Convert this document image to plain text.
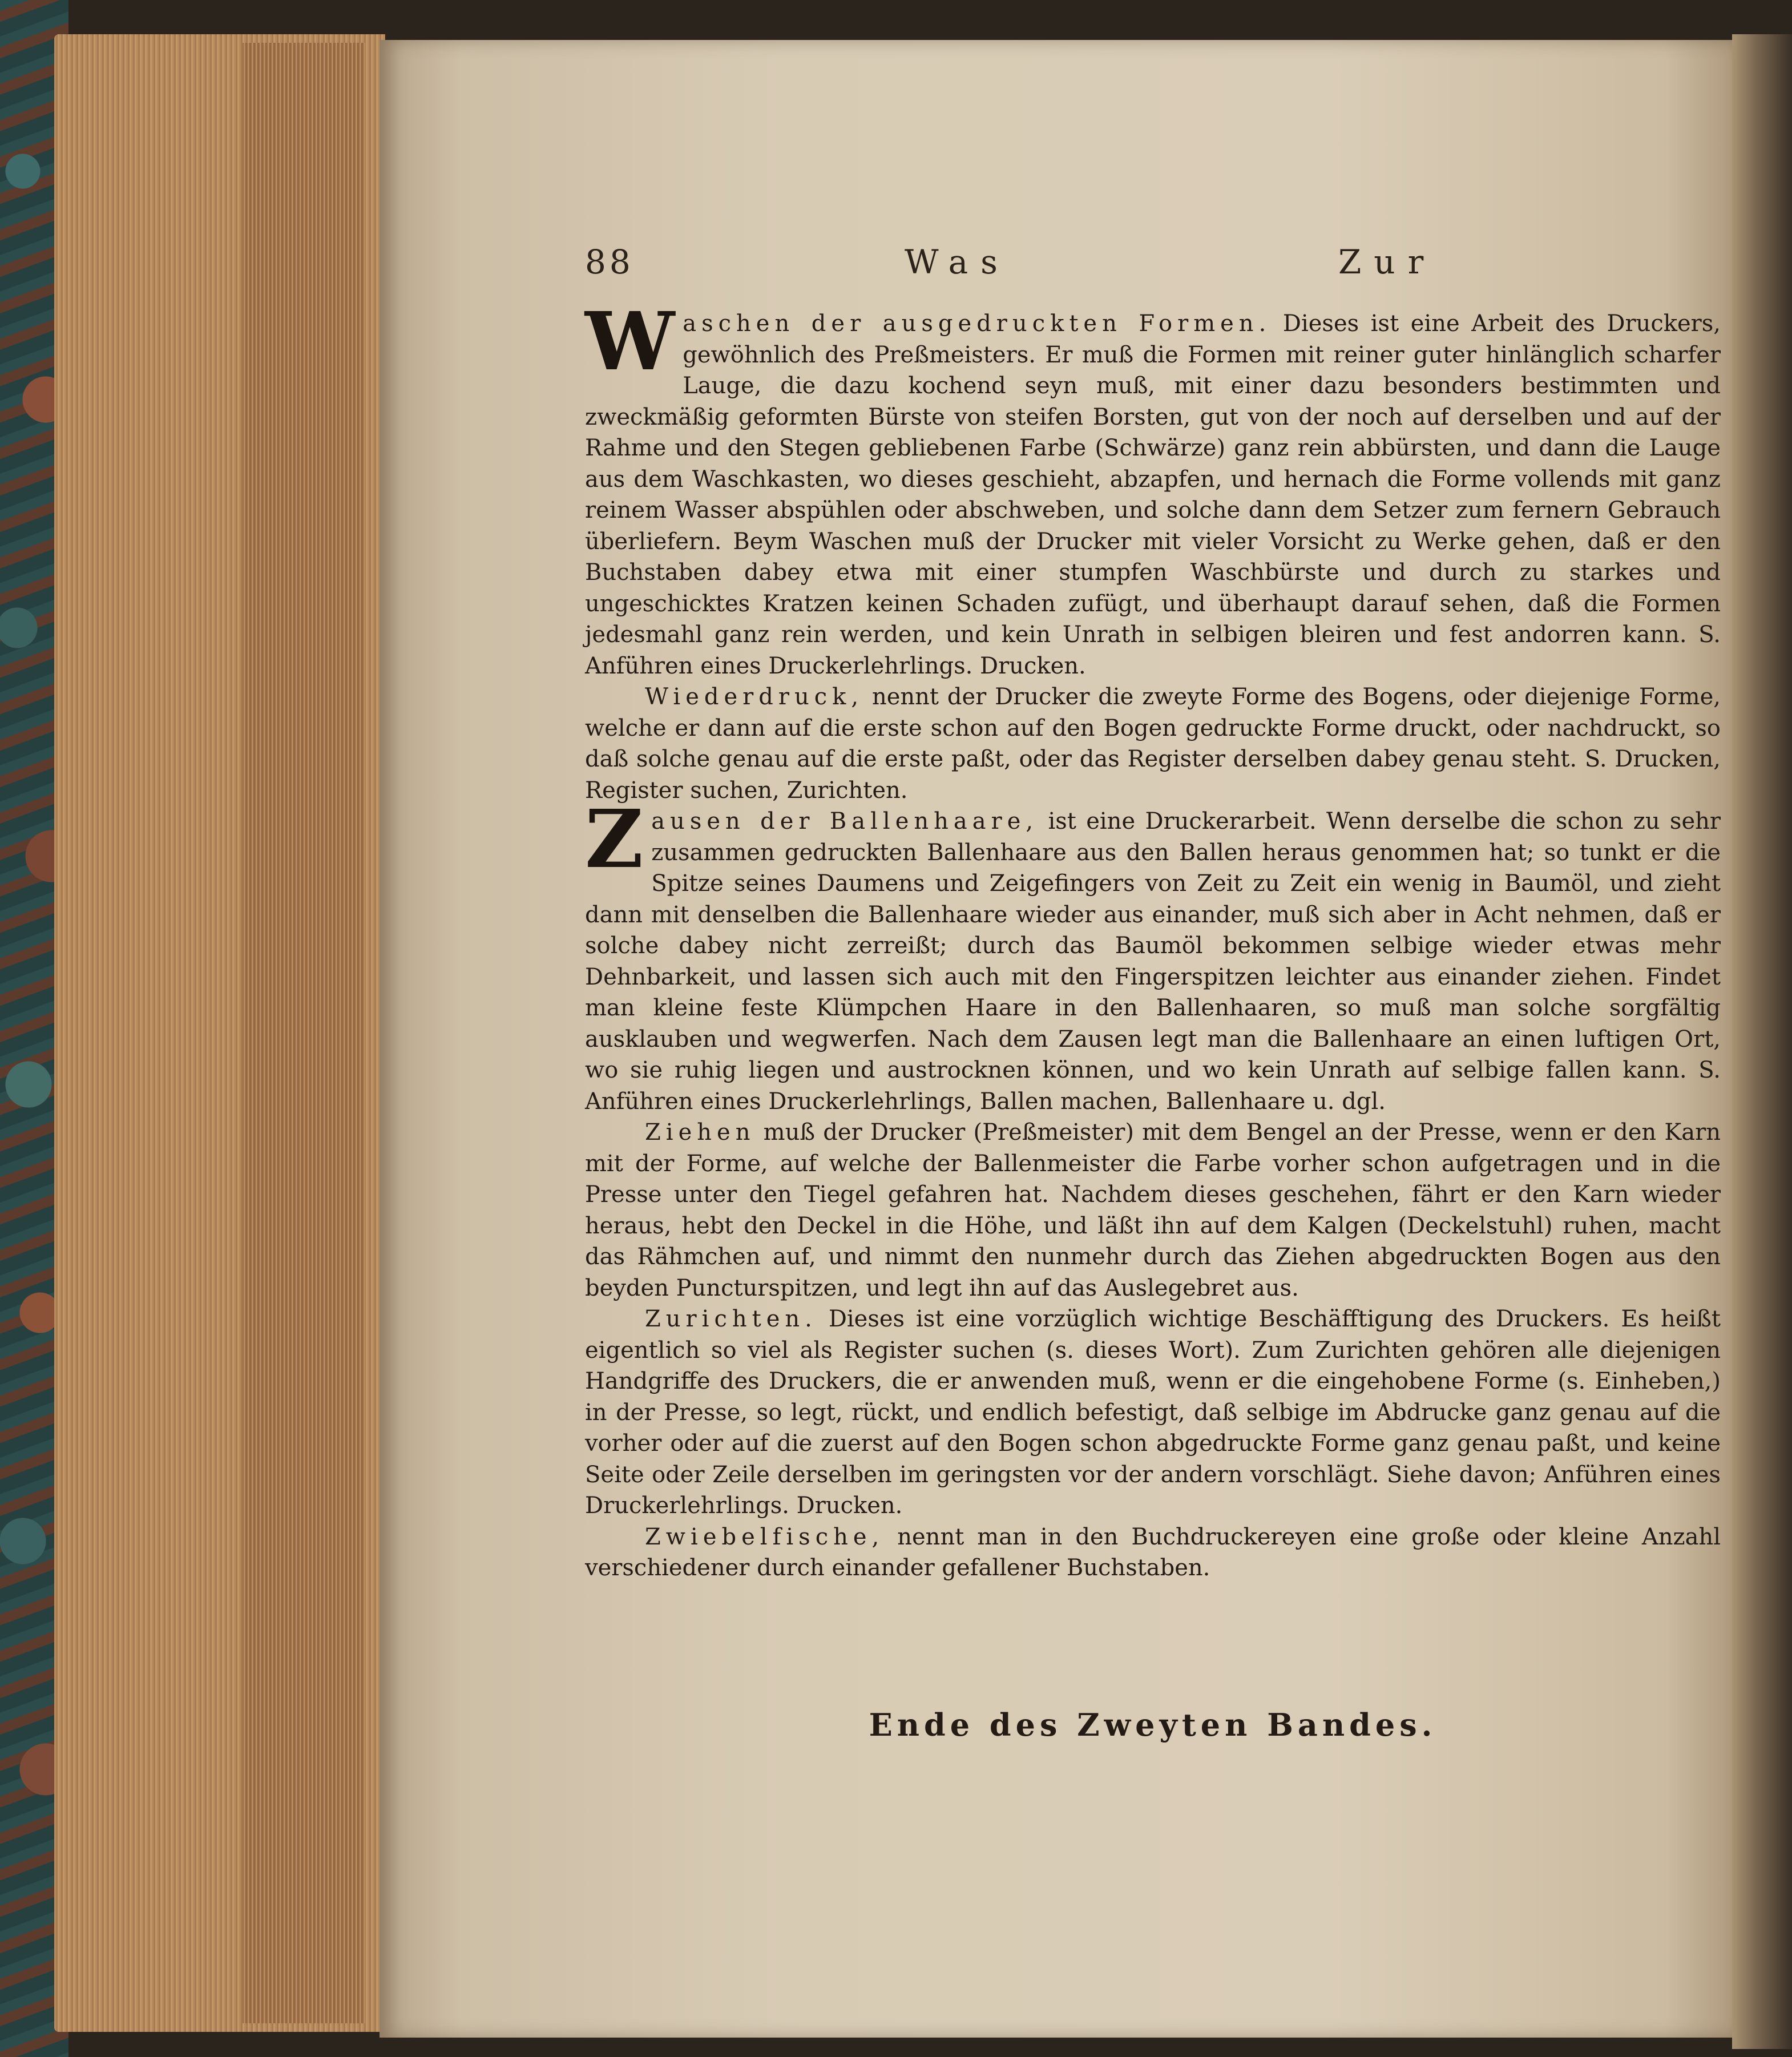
88	Was	Zur

Waschen der ausgedruckten Formen. Dieses ist eine Arbeit des Druckers, gewöhnlich des Preßmeisters. Er muß die Formen mit reiner guter hinlänglich scharfer Lauge, die dazu kochend seyn muß, mit einer dazu besonders bestimmten und zweckmäßig geformten Bürste von steifen Borsten, gut von der noch auf derselben und auf der Rahme und den Stegen gebliebenen Farbe (Schwärze) ganz rein abbürsten, und dann die Lauge aus dem Waschkasten, wo dieses geschieht, abzapfen, und hernach die Forme vollends mit ganz reinem Wasser abspühlen oder abschweben, und solche dann dem Setzer zum fernern Gebrauch überliefern. Beym Waschen muß der Drucker mit vieler Vorsicht zu Werke gehen, daß er den Buchstaben dabey etwa mit einer stumpfen Waschbürste und durch zu starkes und ungeschicktes Kratzen keinen Schaden zufügt, und überhaupt darauf sehen, daß die Formen jedesmahl ganz rein werden, und kein Unrath in selbigen bleiren und fest andorren kann. S. Anführen eines Druckerlehrlings. Drucken.

Wiederdruck, nennt der Drucker die zweyte Forme des Bogens, oder diejenige Forme, welche er dann auf die erste schon auf den Bogen gedruckte Forme druckt, oder nachdruckt, so daß solche genau auf die erste paßt, oder das Register derselben dabey genau steht. S. Drucken, Register suchen, Zurichten.

Zausen der Ballenhaare, ist eine Druckerarbeit. Wenn derselbe die schon zu sehr zusammen gedruckten Ballenhaare aus den Ballen heraus genommen hat; so tunkt er die Spitze seines Daumens und Zeigefingers von Zeit zu Zeit ein wenig in Baumöl, und zieht dann mit denselben die Ballenhaare wieder aus einander, muß sich aber in Acht nehmen, daß er solche dabey nicht zerreißt; durch das Baumöl bekommen selbige wieder etwas mehr Dehnbarkeit, und lassen sich auch mit den Fingerspitzen leichter aus einander ziehen. Findet man kleine feste Klümpchen Haare in den Ballenhaaren, so muß man solche sorgfältig ausklauben und wegwerfen. Nach dem Zausen legt man die Ballenhaare an einen luftigen Ort, wo sie ruhig liegen und austrocknen können, und wo kein Unrath auf selbige fallen kann. S. Anführen eines Druckerlehrlings, Ballen machen, Ballenhaare u. dgl.

Ziehen muß der Drucker (Preßmeister) mit dem Bengel an der Presse, wenn er den Karn mit der Forme, auf welche der Ballenmeister die Farbe vorher schon aufgetragen und in die Presse unter den Tiegel gefahren hat. Nachdem dieses geschehen, fährt er den Karn wieder heraus, hebt den Deckel in die Höhe, und läßt ihn auf dem Kalgen (Deckelstuhl) ruhen, macht das Rähmchen auf, und nimmt den nunmehr durch das Ziehen abgedruckten Bogen aus den beyden Puncturspitzen, und legt ihn auf das Auslegebret aus.

Zurichten. Dieses ist eine vorzüglich wichtige Beschäfftigung des Druckers. Es heißt eigentlich so viel als Register suchen (s. dieses Wort). Zum Zurichten gehören alle diejenigen Handgriffe des Druckers, die er anwenden muß, wenn er die eingehobene Forme (s. Einheben,) in der Presse, so legt, rückt, und endlich befestigt, daß selbige im Abdrucke ganz genau auf die vorher oder auf die zuerst auf den Bogen schon abgedruckte Forme ganz genau paßt, und keine Seite oder Zeile derselben im geringsten vor der andern vorschlägt. Siehe davon; Anführen eines Druckerlehrlings. Drucken.

Zwiebelfische, nennt man in den Buchdruckereyen eine große oder kleine Anzahl verschiedener durch einander gefallener Buchstaben.

Ende des Zweyten Bandes.
